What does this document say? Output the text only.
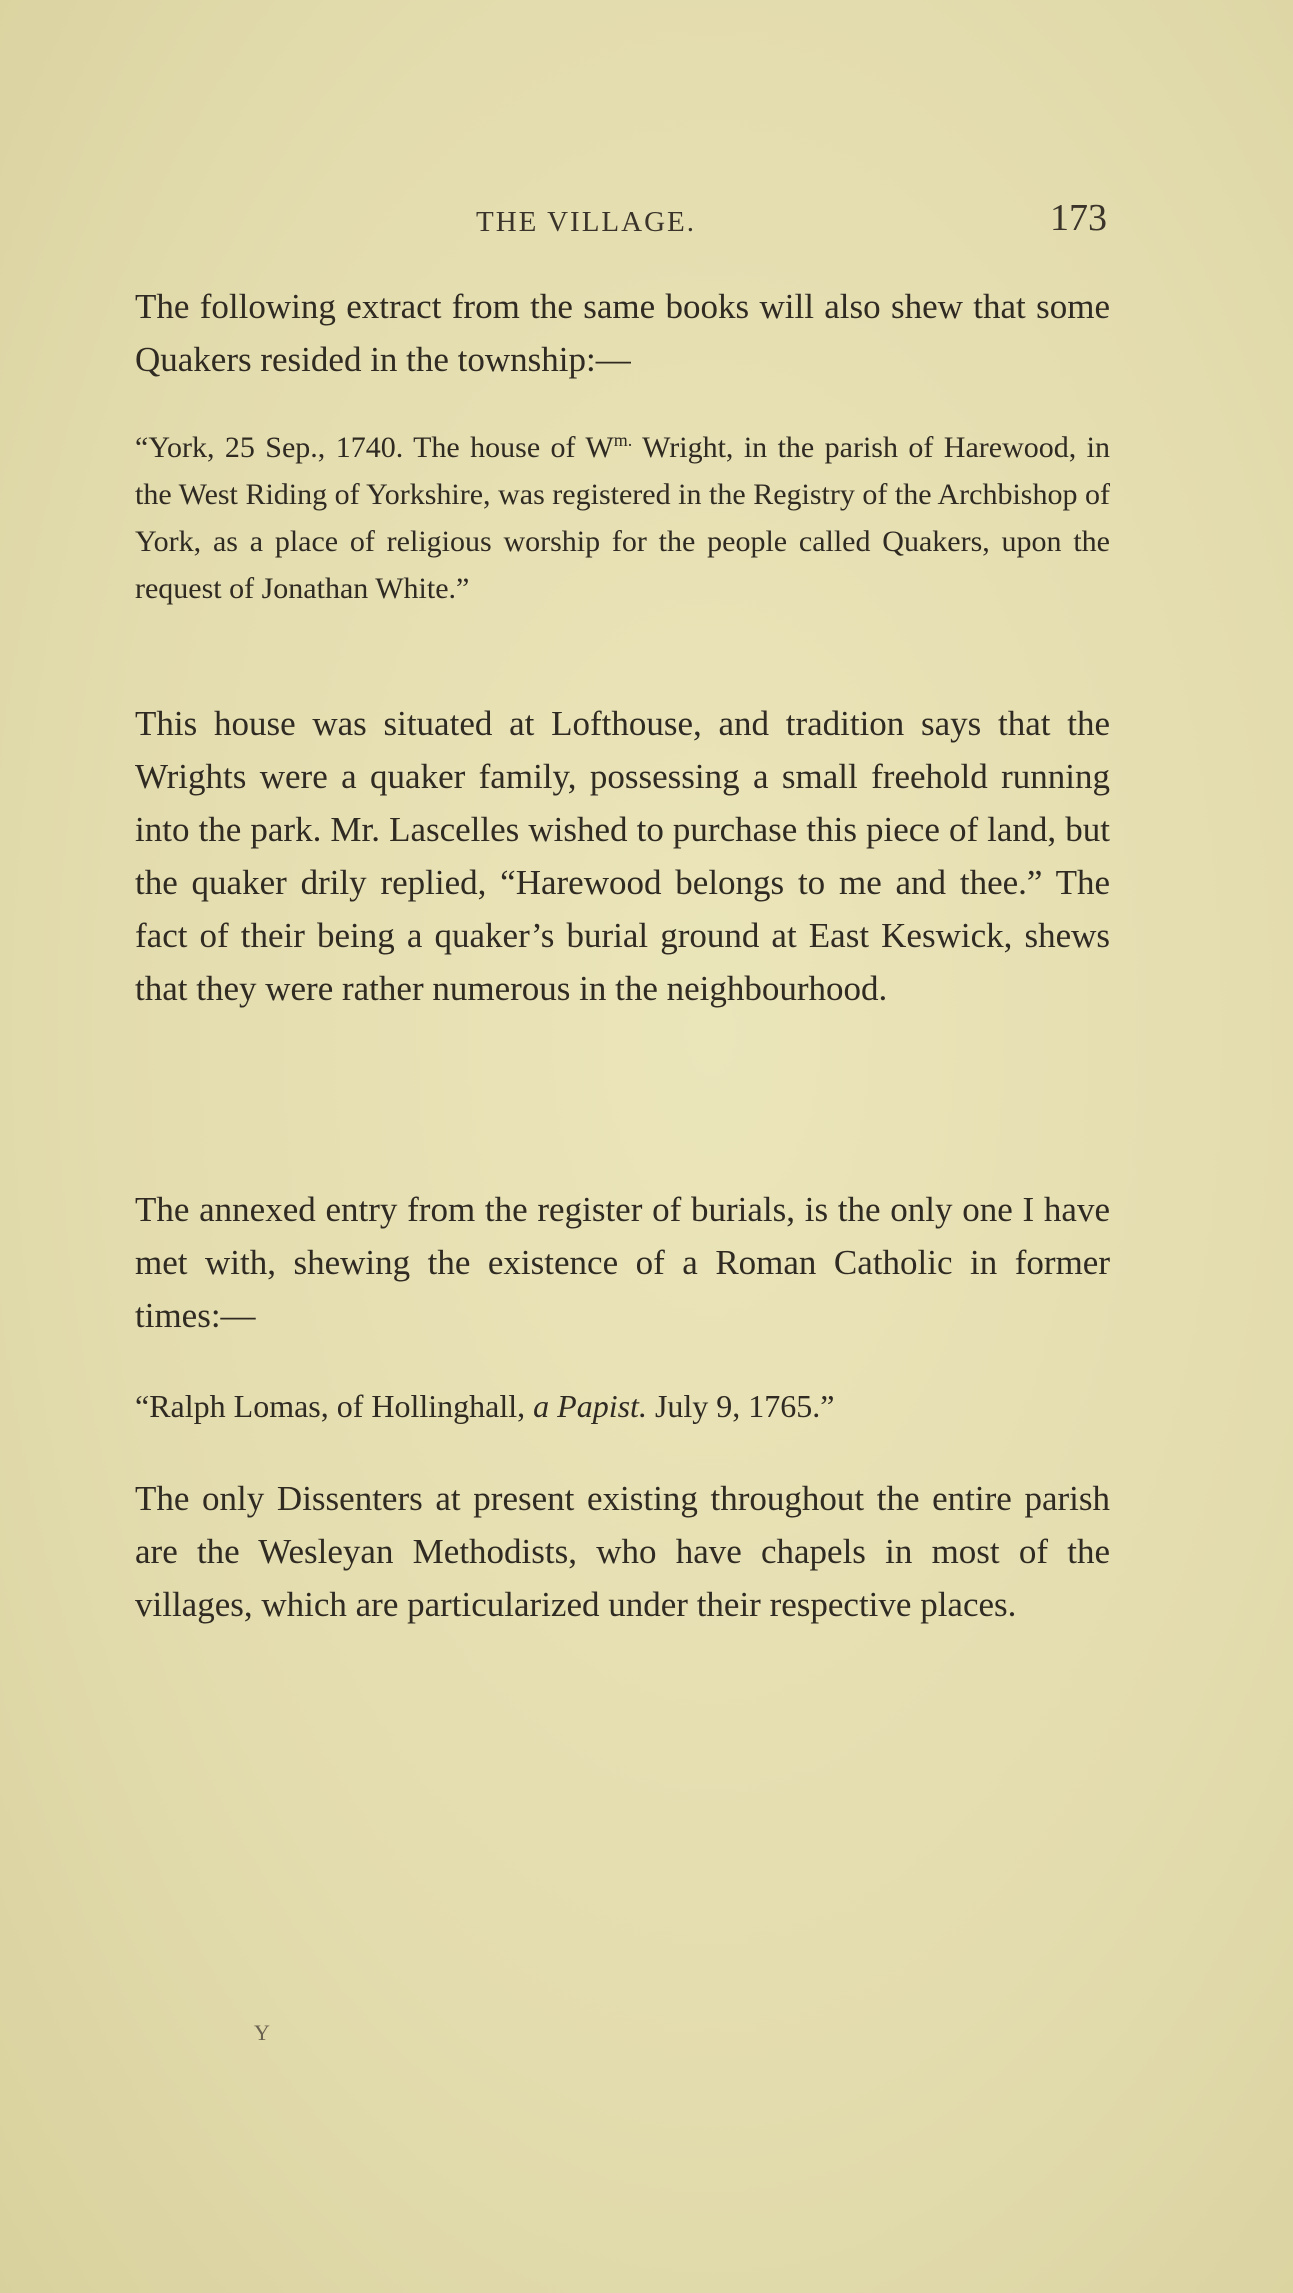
THE VILLAGE.	173

The following extract from the same books will also shew that some Quakers resided in the township:—

“York, 25 Sep., 1740. The house of $W^{m.}$ Wright, in the parish of Harewood, in the West Riding of Yorkshire, was registered in the Registry of the Archbishop of York, as a place of religious worship for the people called Quakers, upon the request of Jonathan White.”

This house was situated at Lofthouse, and tradition says that the Wrights were a quaker family, possessing a small freehold running into the park. Mr. Lascelles wished to purchase this piece of land, but the quaker drily replied, “Harewood belongs to me and thee.” The fact of their being a quaker’s burial ground at East Keswick, shews that they were rather numerous in the neighbourhood.

The annexed entry from the register of burials, is the only one I have met with, shewing the existence of a Roman Catholic in former times:—

“Ralph Lomas, of Hollinghall, a Papist. July 9, 1765.”

The only Dissenters at present existing throughout the entire parish are the Wesleyan Methodists, who have chapels in most of the villages, which are particularized under their respective places.

Y
